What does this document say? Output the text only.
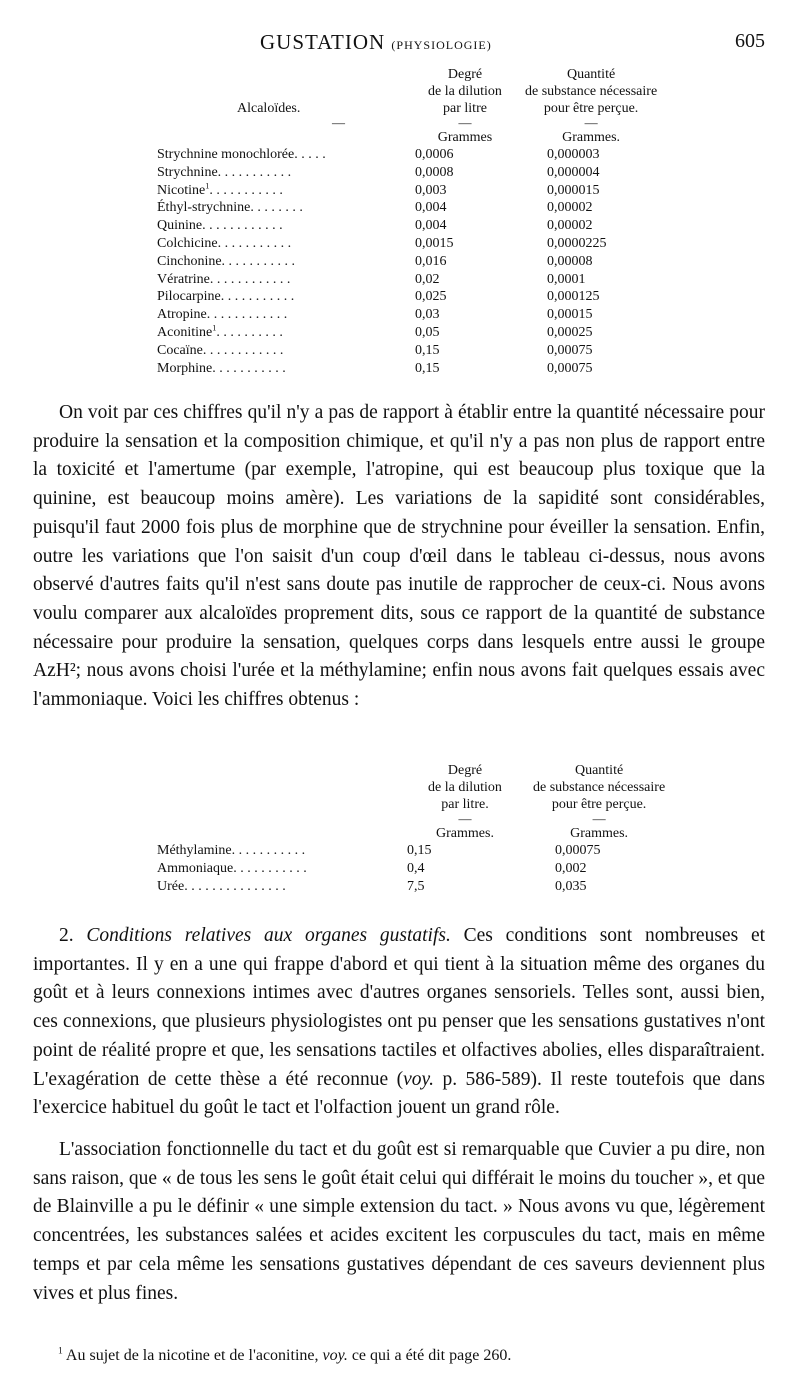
GUSTATION (PHYSIOLOGIE)	605
	Degré	Quantité
	de la dilution	de substance nécessaire
Alcaloïdes.	par litre	pour être perçue.

—	—	—

	Grammes	Grammes.
Strychnine monochlorée. . . . .	0,0006	0,000003
Strychnine. . . . . . . . . . .	0,0008	0,000004
Nicotine$^1$. . . . . . . . . . .	0,003	0,000015
Éthyl-strychnine. . . . . . . .	0,004	0,00002
Quinine. . . . . . . . . . . .	0,004	0,00002
Colchicine. . . . . . . . . . .	0,0015	0,0000225
Cinchonine. . . . . . . . . . .	0,016	0,00008
Vératrine. . . . . . . . . . . .	0,02	0,0001
Pilocarpine. . . . . . . . . . .	0,025	0,000125
Atropine. . . . . . . . . . . .	0,03	0,00015
Aconitine$^1$. . . . . . . . . .	0,05	0,00025
Cocaïne. . . . . . . . . . . .	0,15	0,00075
Morphine. . . . . . . . . . .	0,15	0,00075

On voit par ces chiffres qu'il n'y a pas de rapport à établir entre la quantité nécessaire pour produire la sensation et la composition chimique, et qu'il n'y a pas non plus de rapport entre la toxicité et l'amertume (par exemple, l'atropine, qui est beaucoup plus toxique que la quinine, est beaucoup moins amère). Les variations de la sapidité sont considérables, puisqu'il faut 2000 fois plus de morphine que de strychnine pour éveiller la sensation. Enfin, outre les variations que l'on saisit d'un coup d'œil dans le tableau ci-dessus, nous avons observé d'autres faits qu'il n'est sans doute pas inutile de rapprocher de ceux-ci. Nous avons voulu comparer aux alcaloïdes proprement dits, sous ce rapport de la quantité de substance nécessaire pour produire la sensation, quelques corps dans lesquels entre aussi le groupe AzH²; nous avons choisi l'urée et la méthylamine; enfin nous avons fait quelques essais avec l'ammoniaque. Voici les chiffres obtenus :

	Degré	Quantité
	de la dilution	de substance nécessaire
	par litre.	pour être perçue.

	—	—

	Grammes.	Grammes.
Méthylamine. . . . . . . . . . .	0,15	0,00075
Ammoniaque. . . . . . . . . . .	0,4	0,002
Urée. . . . . . . . . . . . . . .	7,5	0,035

2. Conditions relatives aux organes gustatifs. Ces conditions sont nombreuses et importantes. Il y en a une qui frappe d'abord et qui tient à la situation même des organes du goût et à leurs connexions intimes avec d'autres organes sensoriels. Telles sont, aussi bien, ces connexions, que plusieurs physiologistes ont pu penser que les sensations gustatives n'ont point de réalité propre et que, les sensations tactiles et olfactives abolies, elles disparaîtraient. L'exagération de cette thèse a été reconnue (voy. p. 586-589). Il reste toutefois que dans l'exercice habituel du goût le tact et l'olfaction jouent un grand rôle.

L'association fonctionnelle du tact et du goût est si remarquable que Cuvier a pu dire, non sans raison, que « de tous les sens le goût était celui qui différait le moins du toucher », et que de Blainville a pu le définir « une simple extension du tact. » Nous avons vu que, légèrement concentrées, les substances salées et acides excitent les corpuscules du tact, mais en même temps et par cela même les sensations gustatives dépendant de ces saveurs deviennent plus vives et plus fines.

$^1$ Au sujet de la nicotine et de l'aconitine, voy. ce qui a été dit page 260.
